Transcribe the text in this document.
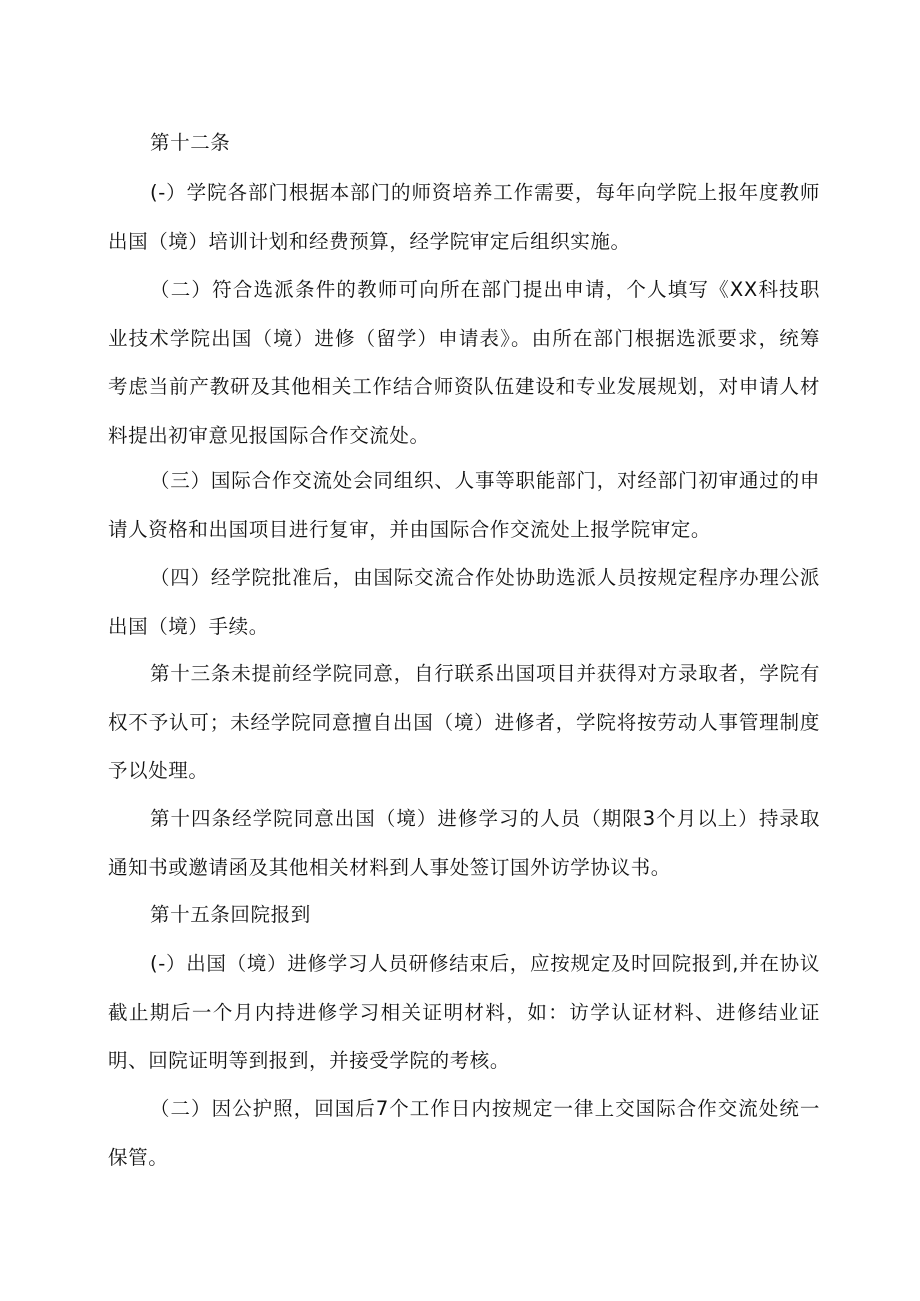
第十二条

(-）学院各部门根据本部门的师资培养工作需要，每年向学院上报年度教师出国（境）培训计划和经费预算，经学院审定后组织实施。

（二）符合选派条件的教师可向所在部门提出申请，个人填写《XX科技职业技术学院出国（境）进修（留学）申请表》。由所在部门根据选派要求，统筹考虑当前产教研及其他相关工作结合师资队伍建设和专业发展规划，对申请人材料提出初审意见报国际合作交流处。

（三）国际合作交流处会同组织、人事等职能部门，对经部门初审通过的申请人资格和出国项目进行复审，并由国际合作交流处上报学院审定。

（四）经学院批准后，由国际交流合作处协助选派人员按规定程序办理公派出国（境）手续。

第十三条未提前经学院同意，自行联系出国项目并获得对方录取者，学院有权不予认可；未经学院同意擅自出国（境）进修者，学院将按劳动人事管理制度予以处理。

第十四条经学院同意出国（境）进修学习的人员（期限3个月以上）持录取通知书或邀请函及其他相关材料到人事处签订国外访学协议书。

第十五条回院报到

(-）出国（境）进修学习人员研修结束后，应按规定及时回院报到,并在协议截止期后一个月内持进修学习相关证明材料，如：访学认证材料、进修结业证明、回院证明等到报到，并接受学院的考核。

（二）因公护照，回国后7个工作日内按规定一律上交国际合作交流处统一保管。
